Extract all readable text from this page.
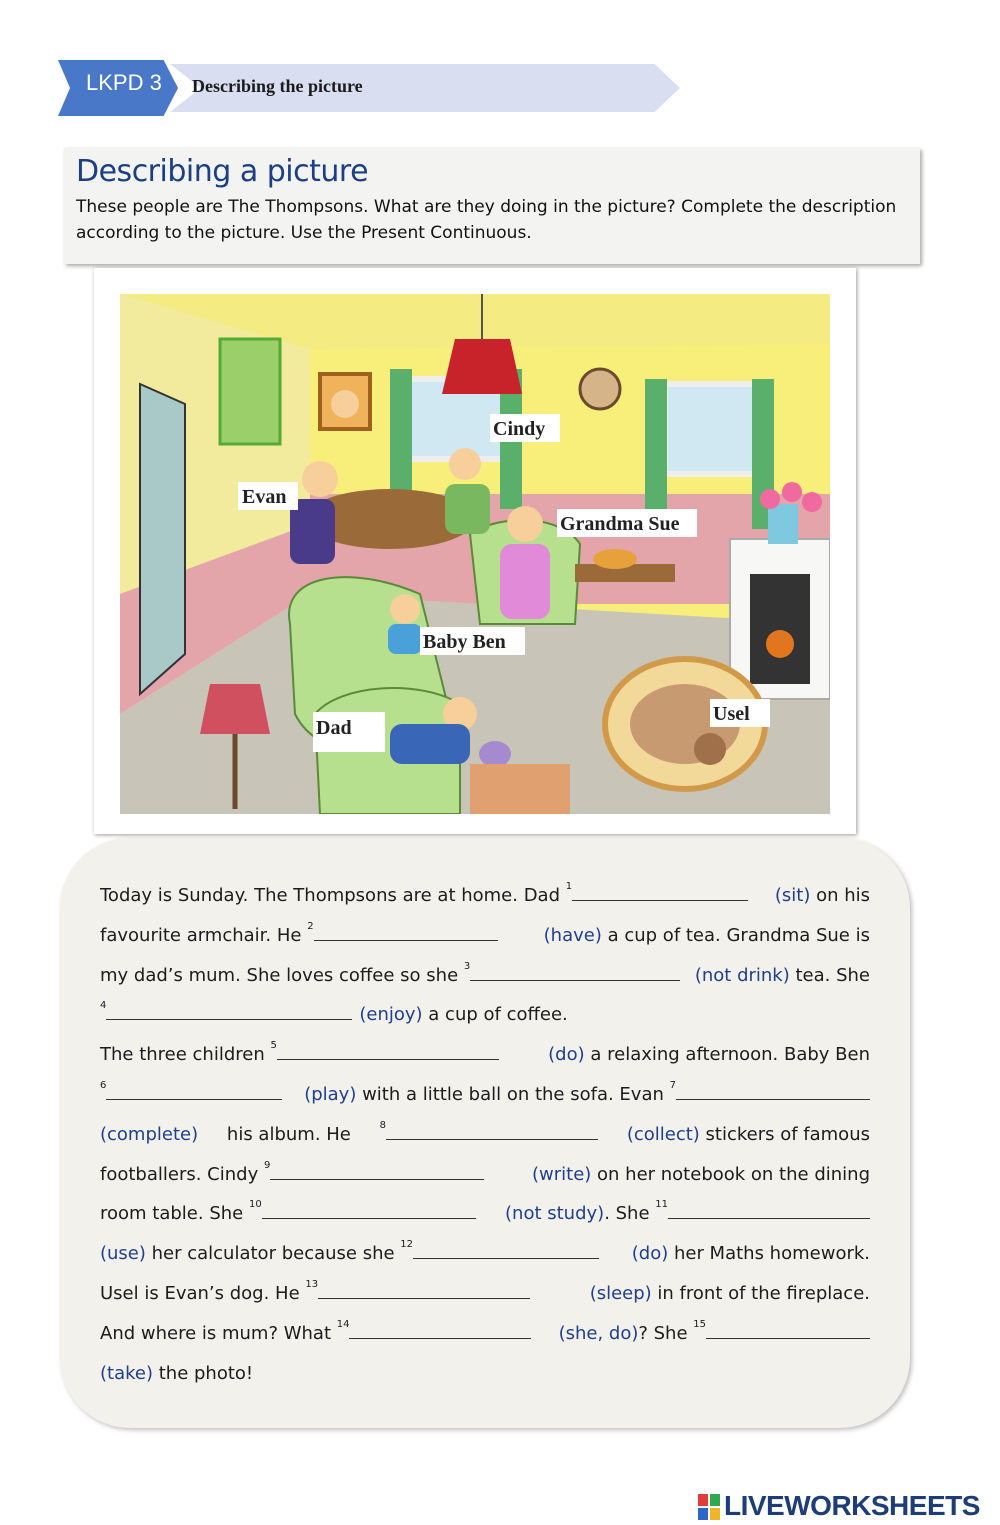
LKPD 3 Describing the picture
Describing a picture

These people are The Thompsons. What are they doing in the picture? Complete the description according to the picture. Use the Present Continuous.

Cindy
Evan
Grandma Sue
Baby Ben
Dad
Usel
Today is Sunday. The Thompsons are at home. Dad $^1$	(sit) on his
favourite armchair. He $^2$	(have) a cup of tea. Grandma Sue is
my dad’s mum. She loves coffee so she $^3$	(not drink) tea. She
$^4$	(enjoy) a cup of coffee.
The three children $^5$	(do) a relaxing afternoon. Baby Ben
$^6$	(play) with a little ball on the sofa. Evan $^7$
(complete) his album. He	$^8$	(collect) stickers of famous
footballers. Cindy $^9$	(write) on her notebook on the dining
room table. She $^{10}$	(not study). She $^{11}$
(use) her calculator because she $^{12}$	(do) her Maths homework.
Usel is Evan’s dog. He $^{13}$	(sleep) in front of the fireplace.
And where is mum? What $^{14}$	(she, do)? She $^{15}$
(take) the photo!
LIVEWORKSHEETS
